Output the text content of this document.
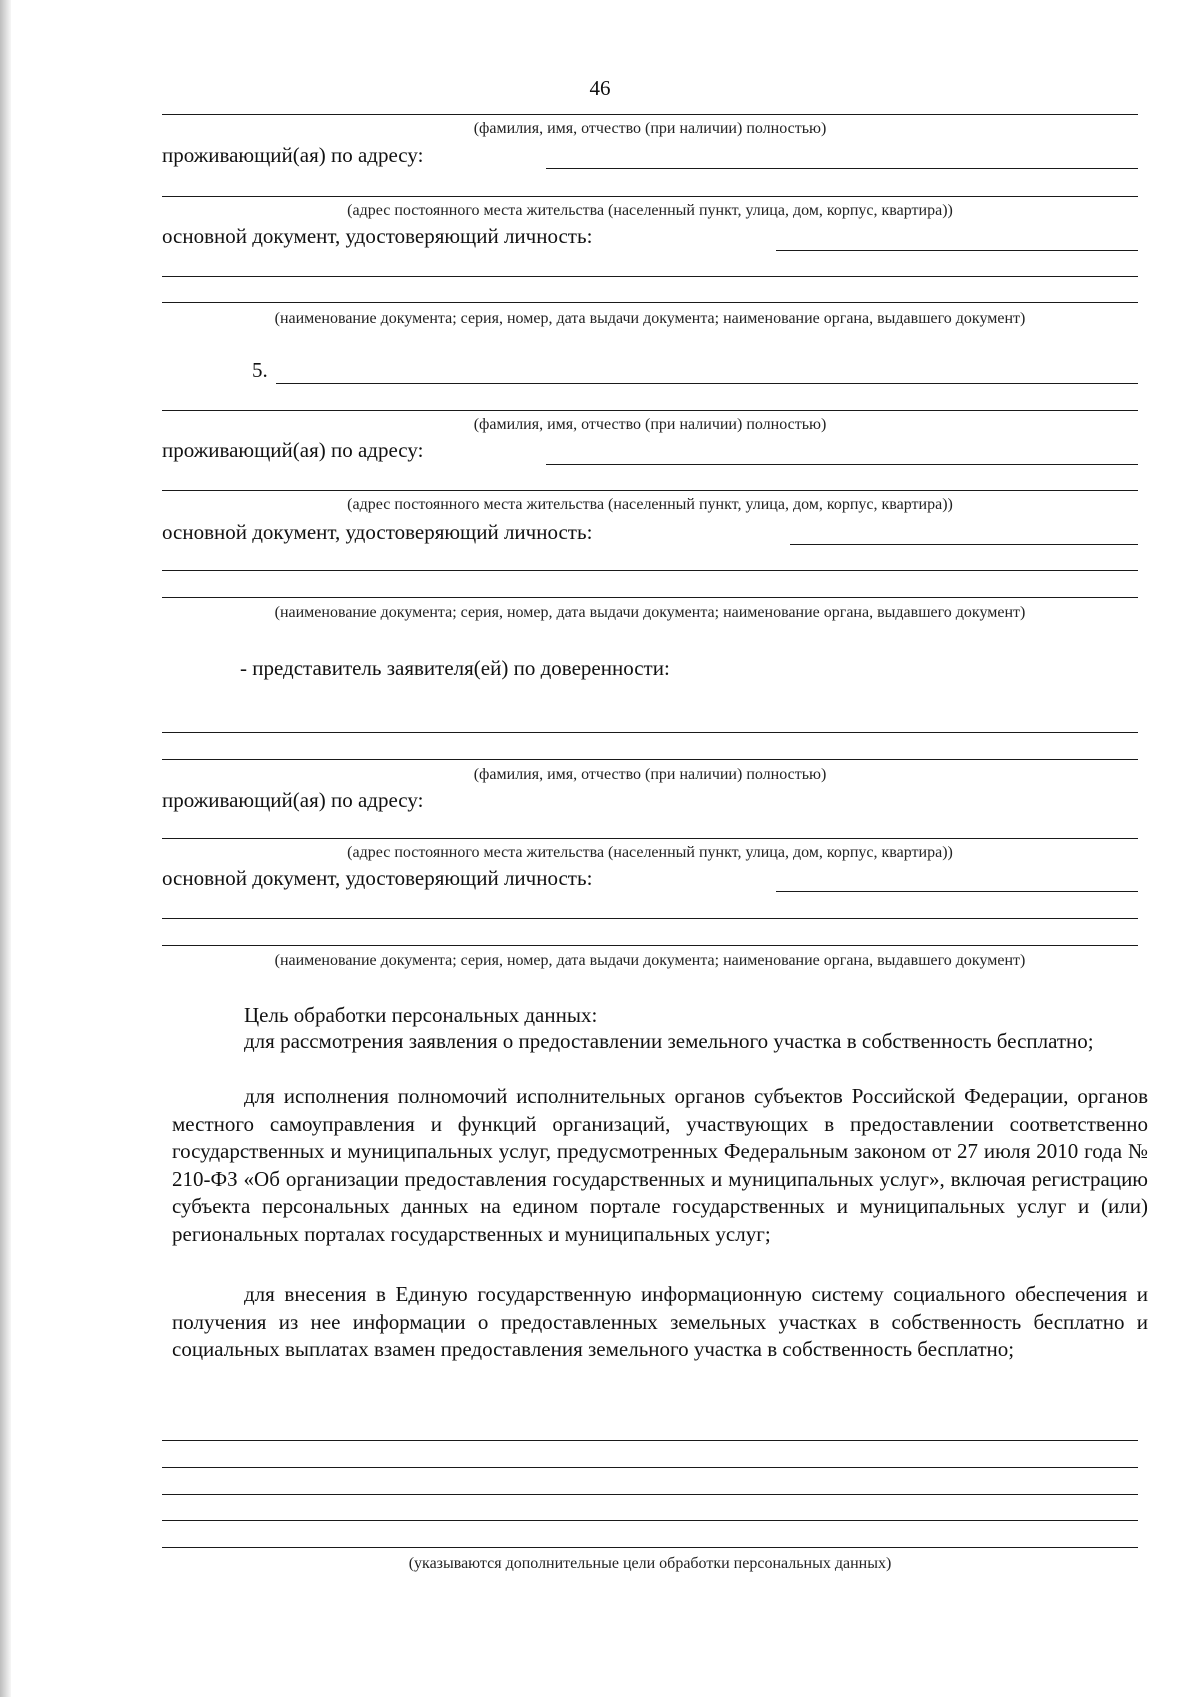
46
(фамилия, имя, отчество (при наличии) полностью)
проживающий(ая) по адресу:
(адрес постоянного места жительства (населенный пункт, улица, дом, корпус, квартира))
основной документ, удостоверяющий личность:
(наименование документа; серия, номер, дата выдачи документа; наименование органа, выдавшего документ)
5.
(фамилия, имя, отчество (при наличии) полностью)
проживающий(ая) по адресу:
(адрес постоянного места жительства (населенный пункт, улица, дом, корпус, квартира))
основной документ, удостоверяющий личность:
(наименование документа; серия, номер, дата выдачи документа; наименование органа, выдавшего документ)
- представитель заявителя(ей) по доверенности:
(фамилия, имя, отчество (при наличии) полностью)
проживающий(ая) по адресу:
(адрес постоянного места жительства (населенный пункт, улица, дом, корпус, квартира))
основной документ, удостоверяющий личность:
(наименование документа; серия, номер, дата выдачи документа; наименование органа, выдавшего документ)
Цель обработки персональных данных:
для рассмотрения заявления о предоставлении земельного участка в собственность бесплатно;
для исполнения полномочий исполнительных органов субъектов Российской Федерации, органов местного самоуправления и функций организаций, участвующих в предоставлении соответственно государственных и муниципальных услуг, предусмотренных Федеральным законом от 27 июля 2010 года № 210-ФЗ «Об организации предоставления государственных и муниципальных услуг», включая регистрацию субъекта персональных данных на едином портале государственных и муниципальных услуг и (или) региональных порталах государственных и муниципальных услуг;
для внесения в Единую государственную информационную систему социального обеспечения и получения из нее информации о предоставленных земельных участках в собственность бесплатно и социальных выплатах взамен предоставления земельного участка в собственность бесплатно;
(указываются дополнительные цели обработки персональных данных)
